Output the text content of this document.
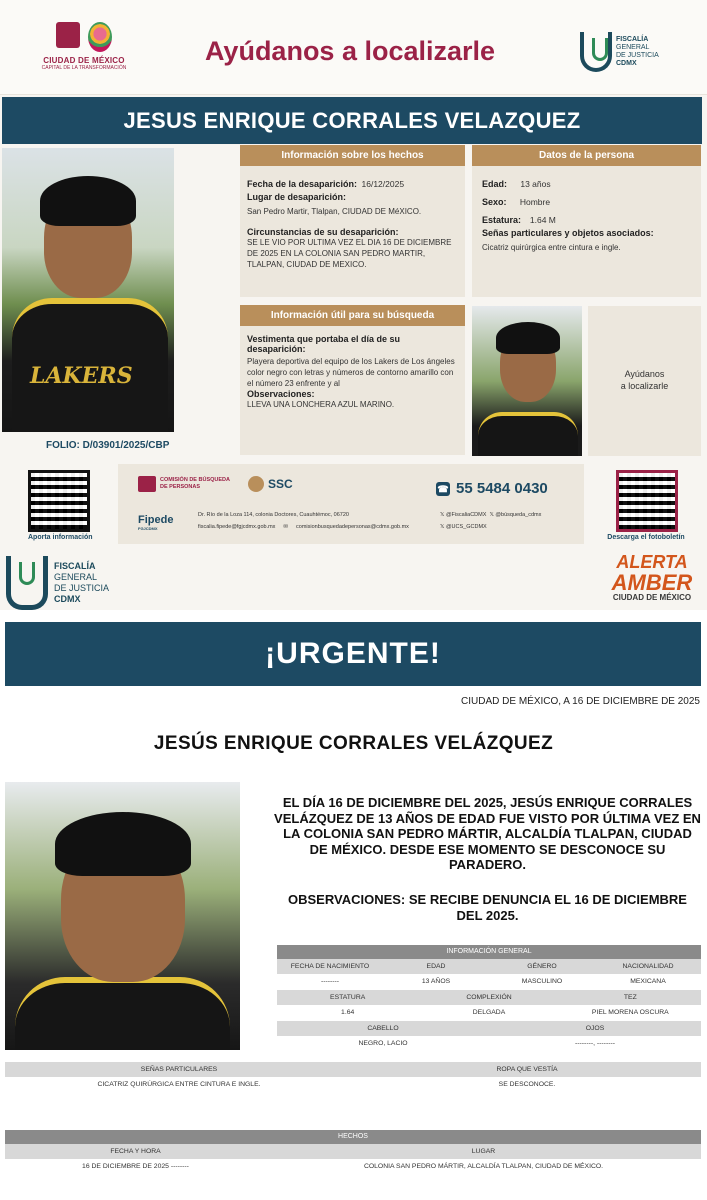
CIUDAD DE MÉXICO
CAPITAL DE LA TRANSFORMACIÓN
Ayúdanos a localizarle	FISCALÍA
GENERAL
DE JUSTICIA
CDMX
JESUS ENRIQUE CORRALES VELAZQUEZ
LAKERS
Información sobre los hechos
Fecha de la desaparición: 16/12/2025
Lugar de desaparición:
San Pedro Martir, Tlalpan, CIUDAD DE MéXICO.
Circunstancias de su desaparición:
SE LE VIO POR ULTIMA VEZ EL DIA 16 DE DICIEMBRE DE 2025 EN LA COLONIA SAN PEDRO MARTIR, TLALPAN, CIUDAD DE MEXICO.
Datos de la persona
Edad: 13 años
Sexo: Hombre
Estatura: 1.64 M
Señas particulares y objetos asociados:
Cicatriz quirúrgica entre cintura e ingle.
Información útil para su búsqueda
Vestimenta que portaba el día de su desaparición:
Playera deportiva del equipo de los Lakers de Los ángeles color negro con letras y números de contorno amarillo con el número 23 enfrente y al
Observaciones:
LLEVA UNA LONCHERA AZUL MARINO.
Ayúdanos
a localizarle
FOLIO: D/03901/2025/CBP
Aporta información
COMISIÓN DE BÚSQUEDA
DE PERSONAS	SSC	☎ 55 5484 0430
Fipede
FGJCDMX
Dr. Río de la Loza 114, colonia Doctores, Cuauhtémoc, 06720
fiscalia.fipede@fgjcdmx.gob.mx ✉ comisionbusquedadepersonas@cdmx.gob.mx
𝕏 @FiscaliaCDMX 𝕏 @búsqueda_cdmx
𝕏 @UCS_GCDMX
Descarga el fotoboletín
FISCALÍA
GENERAL
DE JUSTICIA
CDMX
ALERTA
AMBER
CIUDAD DE MÉXICO
¡URGENTE!
CIUDAD DE MÉXICO, A 16 DE DICIEMBRE DE 2025
JESÚS ENRIQUE CORRALES VELÁZQUEZ
EL DÍA 16 DE DICIEMBRE DEL 2025, JESÚS ENRIQUE CORRALES VELÁZQUEZ DE 13 AÑOS DE EDAD FUE VISTO POR ÚLTIMA VEZ EN LA COLONIA SAN PEDRO MÁRTIR, ALCALDÍA TLALPAN, CIUDAD DE MÉXICO. DESDE ESE MOMENTO SE DESCONOCE SU PARADERO.
OBSERVACIONES: SE RECIBE DENUNCIA EL 16 DE DICIEMBRE DEL 2025.
INFORMACIÓN GENERAL
FECHA DE NACIMIENTO	EDAD	GÉNERO	NACIONALIDAD
--------	13 AÑOS	MASCULINO	MEXICANA
ESTATURA	COMPLEXIÓN	TEZ
1.64	DELGADA	PIEL MORENA OSCURA
CABELLO	OJOS
NEGRO, LACIO	--------, --------
SEÑAS PARTICULARES	ROPA QUE VESTÍA
CICATRIZ QUIRÚRGICA ENTRE CINTURA E INGLE.	SE DESCONOCE.
HECHOS
FECHA Y HORA	LUGAR
16 DE DICIEMBRE DE 2025 --------	COLONIA SAN PEDRO MÁRTIR, ALCALDÍA TLALPAN, CIUDAD DE MÉXICO.
